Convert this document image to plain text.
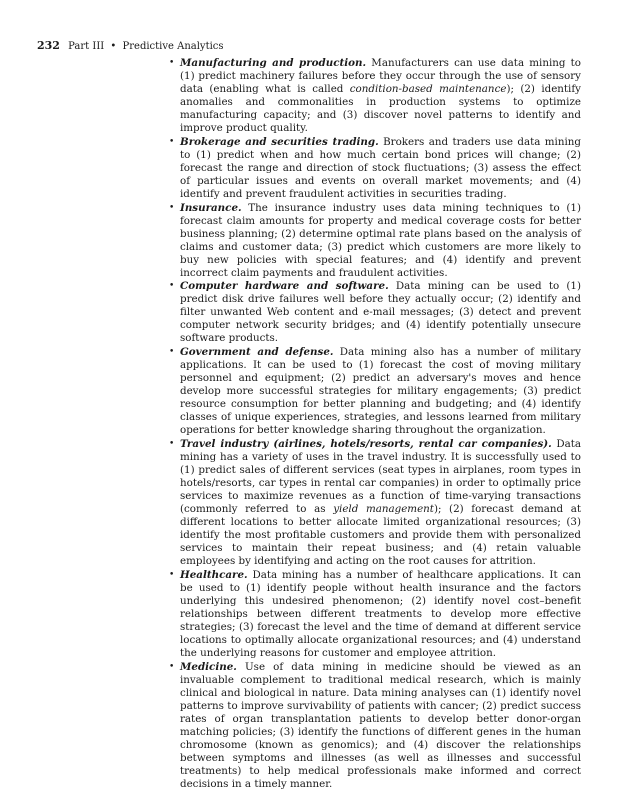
232 Part III • Predictive Analytics
• Manufacturing and production. Manufacturers can use data mining to (1) predict machinery failures before they occur through the use of sensory data (enabling what is called condition-based maintenance); (2) identify anomalies and commonalities in production systems to optimize manufacturing capacity; and (3) discover novel patterns to identify and improve product quality.
• Brokerage and securities trading. Brokers and traders use data mining to (1) predict when and how much certain bond prices will change; (2) forecast the range and direction of stock fluctuations; (3) assess the effect of particular issues and events on overall market movements; and (4) identify and prevent fraudulent activities in securities trading.
• Insurance. The insurance industry uses data mining techniques to (1) forecast claim amounts for property and medical coverage costs for better business planning; (2) determine optimal rate plans based on the analysis of claims and customer data; (3) predict which customers are more likely to buy new policies with special features; and (4) identify and prevent incorrect claim payments and fraudulent activities.
• Computer hardware and software. Data mining can be used to (1) predict disk drive failures well before they actually occur; (2) identify and filter unwanted Web content and e-mail messages; (3) detect and prevent computer network security bridges; and (4) identify potentially unsecure software products.
• Government and defense. Data mining also has a number of military applications. It can be used to (1) forecast the cost of moving military personnel and equipment; (2) predict an adversary's moves and hence develop more successful strategies for military engagements; (3) predict resource consumption for better planning and budgeting; and (4) identify classes of unique experiences, strategies, and lessons learned from military operations for better knowledge sharing throughout the organization.
• Travel industry (airlines, hotels/resorts, rental car companies). Data mining has a variety of uses in the travel industry. It is successfully used to (1) predict sales of different services (seat types in airplanes, room types in hotels/resorts, car types in rental car companies) in order to optimally price services to maximize revenues as a function of time-varying transactions (commonly referred to as yield management); (2) forecast demand at different locations to better allocate limited organizational resources; (3) identify the most profitable customers and provide them with personalized services to maintain their repeat business; and (4) retain valuable employees by identifying and acting on the root causes for attrition.
• Healthcare. Data mining has a number of healthcare applications. It can be used to (1) identify people without health insurance and the factors underlying this undesired phenomenon; (2) identify novel cost–benefit relationships between different treatments to develop more effective strategies; (3) forecast the level and the time of demand at different service locations to optimally allocate organizational resources; and (4) understand the underlying reasons for customer and employee attrition.
• Medicine. Use of data mining in medicine should be viewed as an invaluable complement to traditional medical research, which is mainly clinical and biological in nature. Data mining analyses can (1) identify novel patterns to improve survivability of patients with cancer; (2) predict success rates of organ transplantation patients to develop better donor-organ matching policies; (3) identify the functions of different genes in the human chromosome (known as genomics); and (4) discover the relationships between symptoms and illnesses (as well as illnesses and successful treatments) to help medical professionals make informed and correct decisions in a timely manner.
